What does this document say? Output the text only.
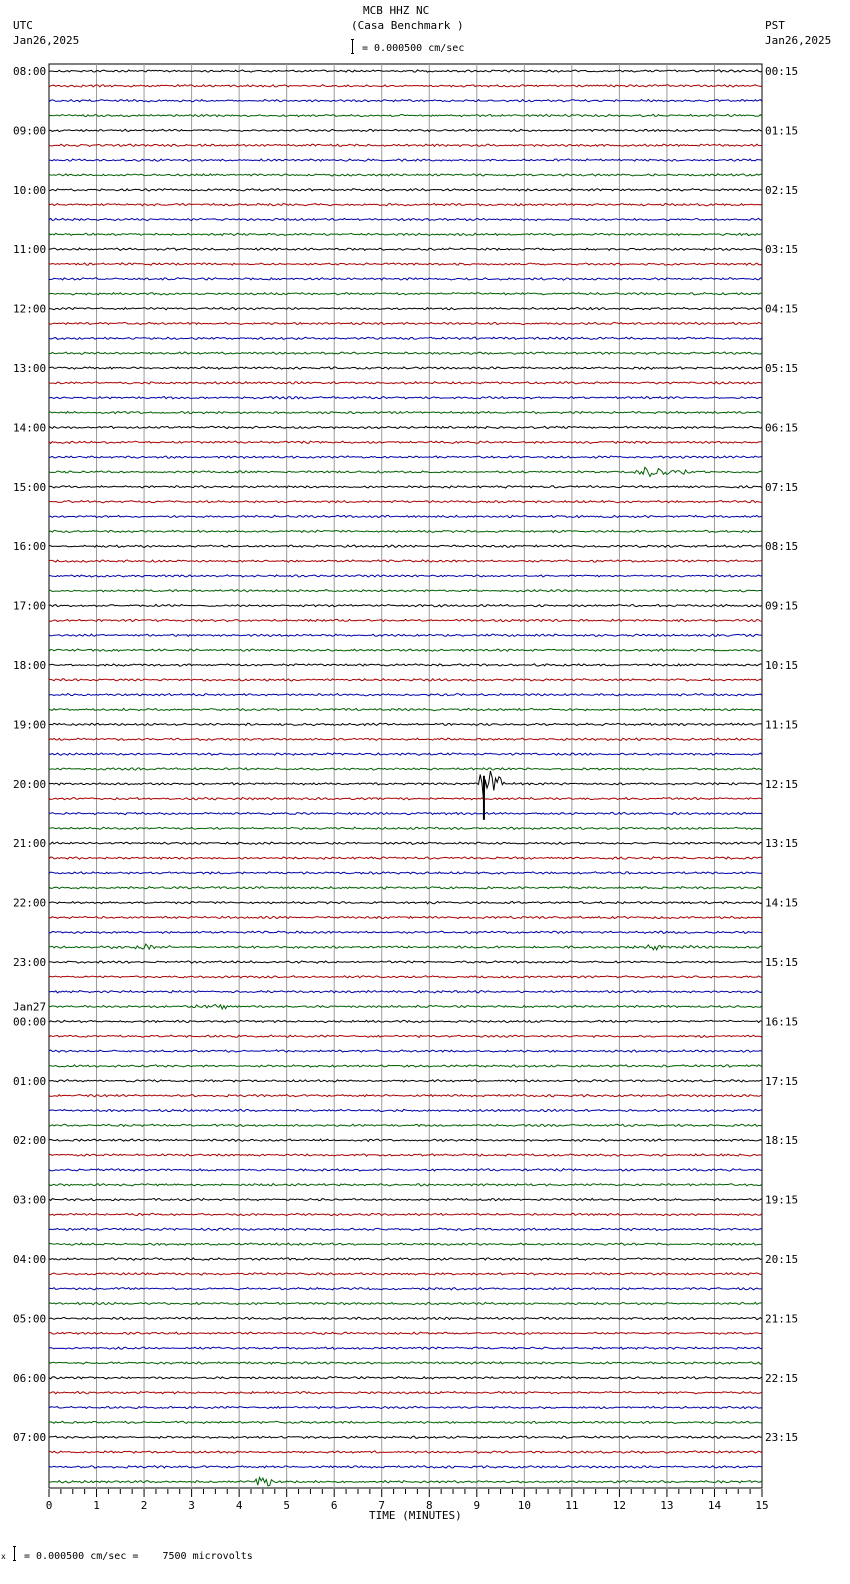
UTC
Jan26,2025
MCB HHZ NC
(Casa Benchmark )
= 0.000500 cm/sec
PST
Jan26,2025
0	1	2	3	4	5	6	7	8	9	10	11	12	13	14	15
08:00
09:00
10:00
11:00
12:00
13:00
14:00
15:00
16:00
17:00
18:00
19:00
20:00
21:00
22:00
23:00
00:00
Jan27
01:00
02:00
03:00
04:00
05:00
06:00
07:00
00:15
01:15
02:15
03:15
04:15
05:15
06:15
07:15
08:15
09:15
10:15
11:15
12:15
13:15
14:15
15:15
16:15
17:15
18:15
19:15
20:15
21:15
22:15
23:15
TIME (MINUTES)
x = 0.000500 cm/sec =    7500 microvolts
